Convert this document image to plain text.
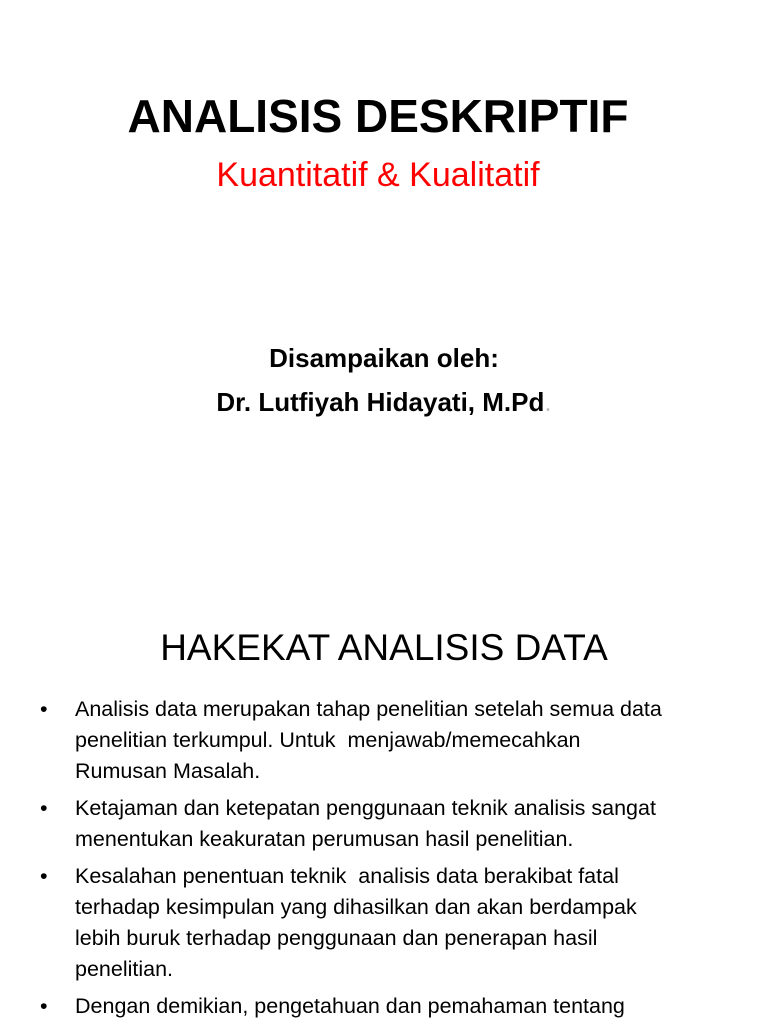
ANALISIS DESKRIPTIF
Kuantitatif & Kualitatif
Disampaikan oleh:
Dr. Lutfiyah Hidayati, M.Pd.
HAKEKAT ANALISIS DATA
• Analisis data merupakan tahap penelitian setelah semua data
penelitian terkumpul. Untuk  menjawab/memecahkan
Rumusan Masalah.
• Ketajaman dan ketepatan penggunaan teknik analisis sangat
menentukan keakuratan perumusan hasil penelitian.
• Kesalahan penentuan teknik  analisis data berakibat fatal
terhadap kesimpulan yang dihasilkan dan akan berdampak
lebih buruk terhadap penggunaan dan penerapan hasil
penelitian.
• Dengan demikian, pengetahuan dan pemahaman tentang
